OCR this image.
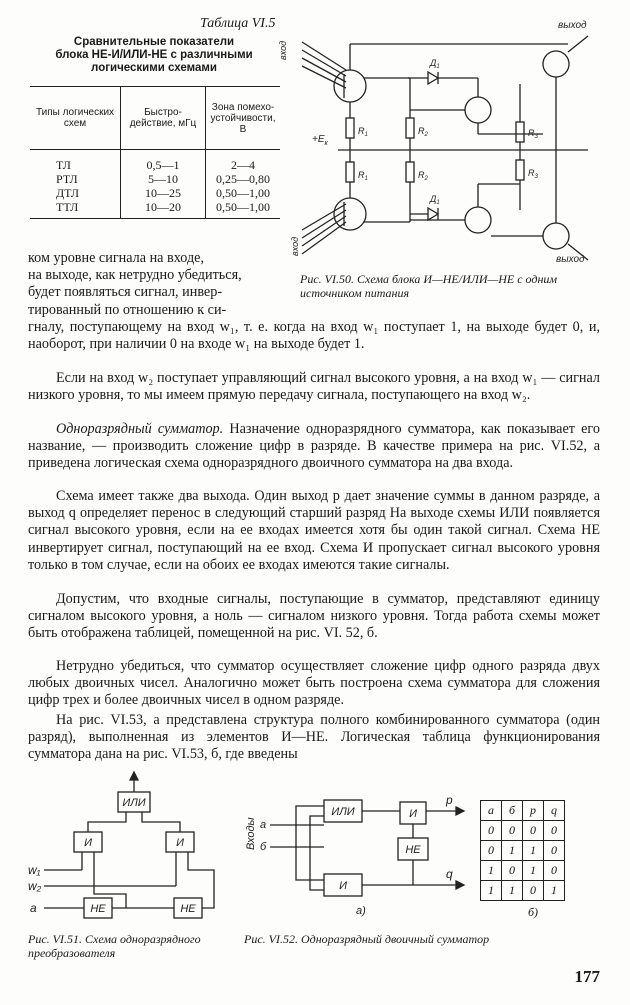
Таблица VI.5
Сравнительные показатели
блока НЕ-И/ИЛИ-НЕ с различными
логическими схемами
Типы логических схем	Быстро-действие, мГц	Зона помехо-устойчивости, В
ТЛ	0,5—1	2—4
РТЛ	5—10	0,25—0,80
ДТЛ	10—25	0,50—1,00
ТТЛ	10—20	0,50—1,00
вход
вход
$+E_к$
$R_1$
$R_1$
$R_2$
$R_2$
$Д_1$
$Д_1$
$R_3$
$R_3$
выход
выход
Рис. VI.50. Схема блока И—НЕ/ИЛИ—НЕ с одним источником питания
ком уровне сигнала на входе,
на выходе, как нетрудно убедиться,
будет появляться сигнал, инвер-
тированный по отношению к си-
гналу, поступающему на вход w₁, т. е. когда на вход w₁ поступает 1, на выходе будет 0, и, наоборот, при наличии 0 на входе w₁ на выходе будет 1.
Если на вход w₂ поступает управляющий сигнал высокого уровня, а на вход w₁ — сигнал низкого уровня, то мы имеем прямую передачу сигнала, поступающего на вход w₂.
Одноразрядный сумматор. Назначение одноразрядного сумматора, как показывает его название, — производить сложение цифр в разряде. В качестве примера на рис. VI.52, а приведена логическая схема одноразрядного двоичного сумматора на два входа.
Схема имеет также два выхода. Один выход p дает значение суммы в данном разряде, а выход q определяет перенос в следующий старший разряд На выходе схемы ИЛИ появляется сигнал высокого уровня, если на ее входах имеется хотя бы один такой сигнал. Схема НЕ инвертирует сигнал, поступающий на ее вход. Схема И пропускает сигнал высокого уровня только в том случае, если на обоих ее входах имеются такие сигналы.
Допустим, что входные сигналы, поступающие в сумматор, представляют единицу сигналом высокого уровня, а ноль — сигналом низкого уровня. Тогда работа схемы может быть отображена таблицей, помещенной на рис. VI. 52, б.
Нетрудно убедиться, что сумматор осуществляет сложение цифр одного разряда двух любых двоичных чисел. Аналогично может быть построена схема сумматора для сложения цифр трех и более двоичных чисел в одном разряде.
На рис. VI.53, а представлена структура полного комбинированного сумматора (один разряд), выполненная из элементов И—НЕ. Логическая таблица функционирования сумматора дана на рис. VI.53, б, где введены
ИЛИ
И	И
НЕ	НЕ
w₁
w₂
a
Рис. VI.51. Схема одноразрядного преобразователя
Входы a
б
ИЛИ
И
И
НЕ
p
q
а)
a	б	p	q
0	0	0	0
0	1	1	0
1	0	1	0
1	1	0	1
б)
Рис. VI.52. Одноразрядный двоичный сумматор
177
